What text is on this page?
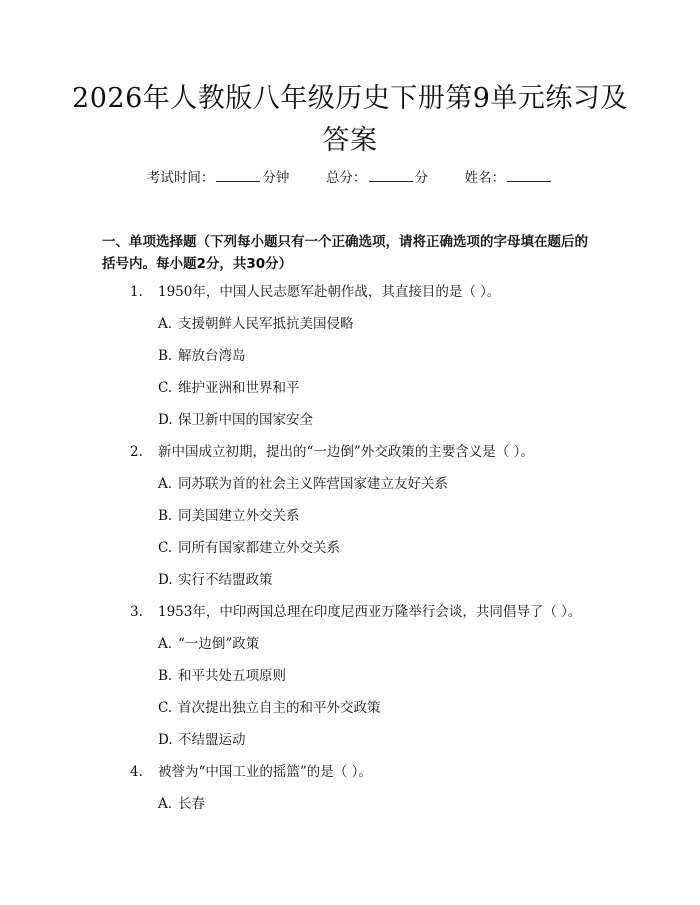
2026年人教版八年级历史下册第9单元练习及答案
考试时间：	分钟	总分：	分	姓名：
一、单项选择题（下列每小题只有一个正确选项，请将正确选项的字母填在题后的括号内。每小题2分，共30分）
1. 1950年，中国人民志愿军赴朝作战，其直接目的是（ ）。
A. 支援朝鲜人民军抵抗美国侵略
B. 解放台湾岛
C. 维护亚洲和世界和平
D. 保卫新中国的国家安全
2. 新中国成立初期，提出的“一边倒”外交政策的主要含义是（ ）。
A. 同苏联为首的社会主义阵营国家建立友好关系
B. 同美国建立外交关系
C. 同所有国家都建立外交关系
D. 实行不结盟政策
3. 1953年，中印两国总理在印度尼西亚万隆举行会谈，共同倡导了（ ）。
A. “一边倒”政策
B. 和平共处五项原则
C. 首次提出独立自主的和平外交政策
D. 不结盟运动
4. 被誉为“中国工业的摇篮”的是（ ）。
A. 长春
